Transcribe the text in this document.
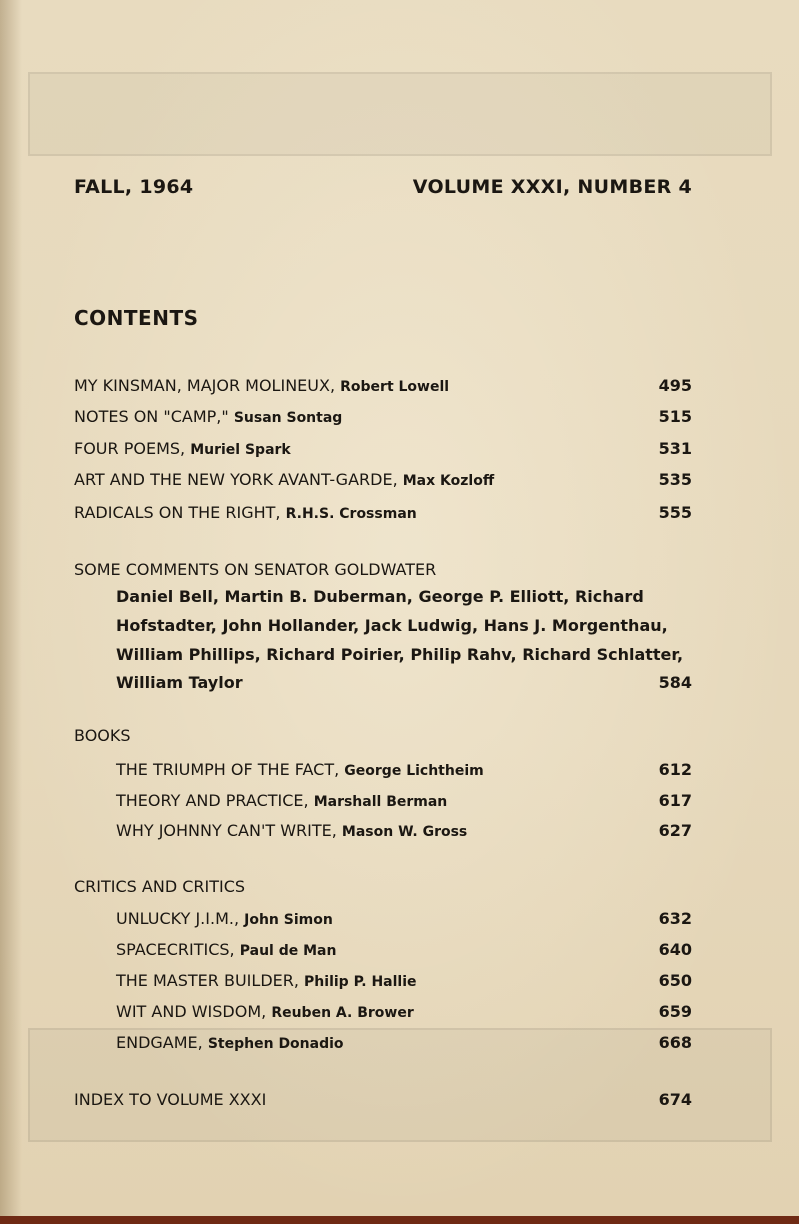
FALL, 1964	VOLUME XXXI, NUMBER 4
CONTENTS
MY KINSMAN, MAJOR MOLINEUX, Robert Lowell	495
NOTES ON "CAMP," Susan Sontag	515
FOUR POEMS, Muriel Spark	531
ART AND THE NEW YORK AVANT-GARDE, Max Kozloff	535
RADICALS ON THE RIGHT, R.H.S. Crossman	555
SOME COMMENTS ON SENATOR GOLDWATER
Daniel Bell, Martin B. Duberman, George P. Elliott, Richard
Hofstadter, John Hollander, Jack Ludwig, Hans J. Morgenthau,
William Phillips, Richard Poirier, Philip Rahv, Richard Schlatter,
William Taylor	584
BOOKS
THE TRIUMPH OF THE FACT, George Lichtheim	612
THEORY AND PRACTICE, Marshall Berman	617
WHY JOHNNY CAN'T WRITE, Mason W. Gross	627
CRITICS AND CRITICS
UNLUCKY J.I.M., John Simon	632
SPACECRITICS, Paul de Man	640
THE MASTER BUILDER, Philip P. Hallie	650
WIT AND WISDOM, Reuben A. Brower	659
ENDGAME, Stephen Donadio	668
INDEX TO VOLUME XXXI	674
